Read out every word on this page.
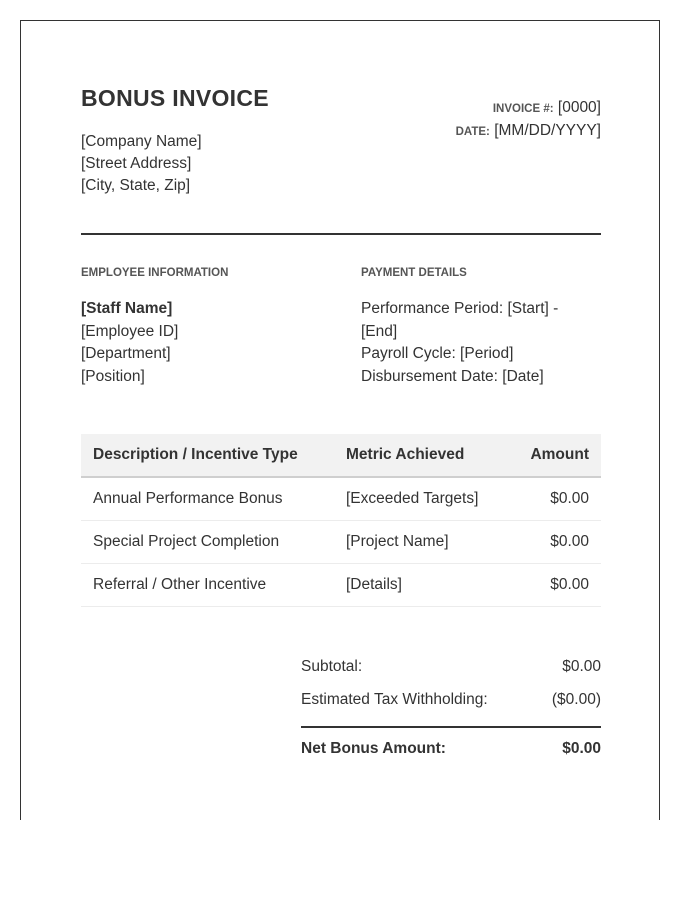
BONUS INVOICE
[Company Name]
[Street Address]
[City, State, Zip]
INVOICE #: [0000]
DATE: [MM/DD/YYYY]
EMPLOYEE INFORMATION	PAYMENT DETAILS
[Staff Name]
[Employee ID]
[Department]
[Position]
Performance Period: [Start] - [End]
Payroll Cycle: [Period]
Disbursement Date: [Date]
Description / Incentive Type	Metric Achieved	Amount
Annual Performance Bonus	[Exceeded Targets]	$0.00
Special Project Completion	[Project Name]	$0.00
Referral / Other Incentive	[Details]	$0.00
Subtotal:	$0.00
Estimated Tax Withholding:	($0.00)
Net Bonus Amount:	$0.00
